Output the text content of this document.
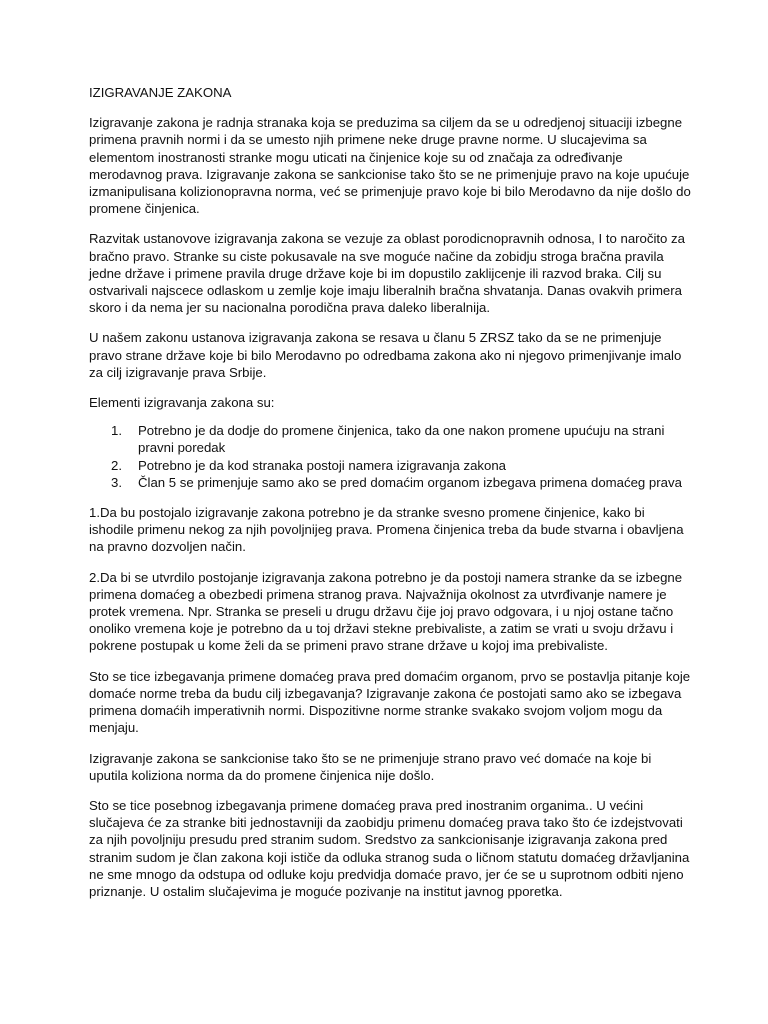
IZIGRAVANJE ZAKONA

Izigravanje zakona je radnja stranaka koja se preduzima sa ciljem da se u odredjenoj situaciji izbegne primena pravnih normi i da se umesto njih primene neke druge pravne norme. U slucajevima sa elementom inostranosti stranke mogu uticati na činjenice koje su od značaja za određivanje merodavnog prava. Izigravanje zakona se sankcionise tako što se ne primenjuje pravo na koje upućuje izmanipulisana kolizionopravna norma, već se primenjuje pravo koje bi bilo Merodavno da nije došlo do promene činjenica.

Razvitak ustanovove izigravanja zakona se vezuje za oblast porodicnopravnih odnosa, I to naročito za bračno pravo. Stranke su ciste pokusavale na sve moguće načine da zobidju stroga bračna pravila jedne države i primene pravila druge države koje bi im dopustilo zaklijcenje ili razvod braka. Cilj su ostvarivali najscece odlaskom u zemlje koje imaju liberalnih bračna shvatanja. Danas ovakvih primera skoro i da nema jer su nacionalna porodična prava daleko liberalnija.

U našem zakonu ustanova izigravanja zakona se resava u članu 5 ZRSZ tako da se ne primenjuje pravo strane države koje bi bilo Merodavno po odredbama zakona ako ni njegovo primenjivanje imalo za cilj izigravanje prava Srbije.

Elementi izigravanja zakona su:

1. Potrebno je da dodje do promene činjenica, tako da one nakon promene upućuju na strani pravni poredak
2. Potrebno je da kod stranaka postoji namera izigravanja zakona
3. Član 5 se primenjuje samo ako se pred domaćim organom izbegava primena domaćeg prava

1.Da bu postojalo izigravanje zakona potrebno je da stranke svesno promene činjenice, kako bi ishodile primenu nekog za njih povoljnijeg prava. Promena činjenica treba da bude stvarna i obavljena na pravno dozvoljen način.

2.Da bi se utvrdilo postojanje izigravanja zakona potrebno je da postoji namera stranke da se izbegne primena domaćeg a obezbedi primena stranog prava. Najvažnija okolnost za utvrđivanje namere je protek vremena. Npr. Stranka se preseli u drugu državu čije joj pravo odgovara, i u njoj ostane tačno onoliko vremena koje je potrebno da u toj državi stekne prebivaliste, a zatim se vrati u svoju državu i pokrene postupak u kome želi da se primeni pravo strane države u kojoj ima prebivaliste.

Sto se tice izbegavanja primene domaćeg prava pred domaćim organom, prvo se postavlja pitanje koje domaće norme treba da budu cilj izbegavanja? Izigravanje zakona će postojati samo ako se izbegava primena domaćih imperativnih normi. Dispozitivne norme stranke svakako svojom voljom mogu da menjaju.

Izigravanje zakona se sankcionise tako što se ne primenjuje strano pravo već domaće na koje bi uputila koliziona norma da do promene činjenica nije došlo.

Sto se tice posebnog izbegavanja primene domaćeg prava pred inostranim organima.. U većini slučajeva će za stranke biti jednostavniji da zaobidju primenu domaćeg prava tako što će izdejstvovati za njih povoljniju presudu pred stranim sudom. Sredstvo za sankcionisanje izigravanja zakona pred stranim sudom je član zakona koji ističe da odluka stranog suda o ličnom statutu domaćeg državljanina ne sme mnogo da odstupa od odluke koju predvidja domaće pravo, jer će se u suprotnom odbiti njeno priznanje. U ostalim slučajevima je moguće pozivanje na institut javnog pporetka.
